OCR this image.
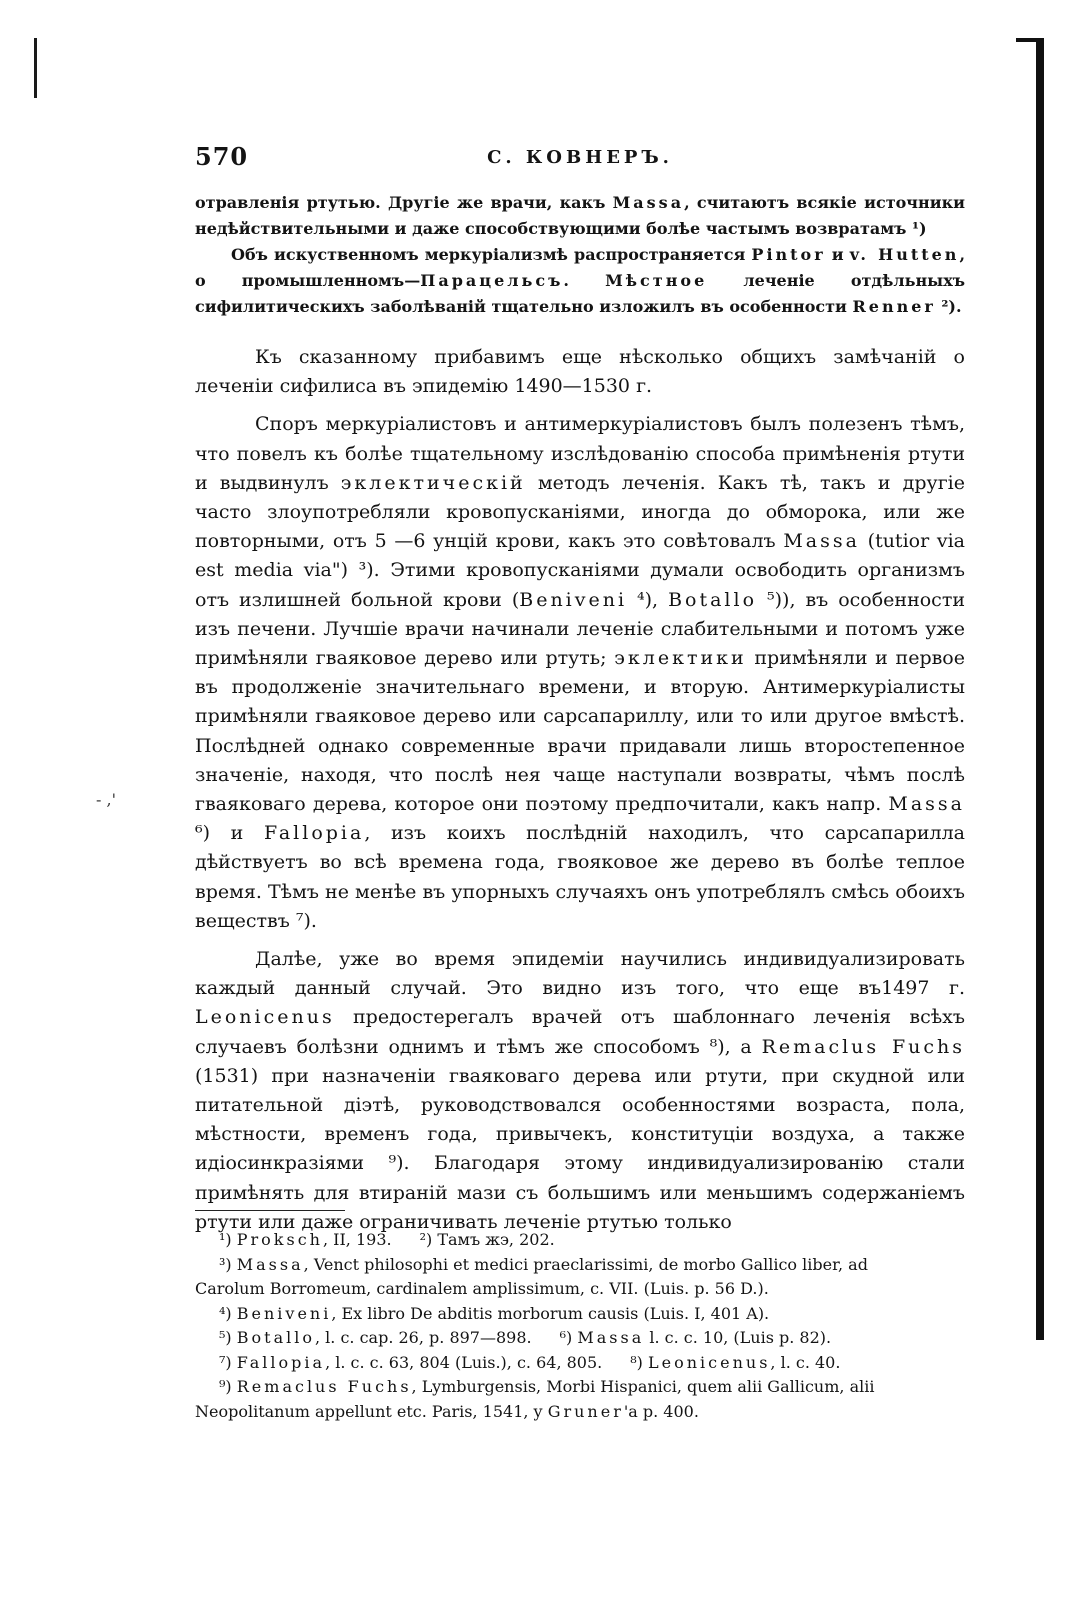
570	С. КОВНЕРЪ.

отравленія ртутью. Другіе же врачи, какъ Massa, считаютъ всякіе источники недѣйствительными и даже способствующими болѣе частымъ возвратамъ ¹)

Объ искуственномъ меркуріализмѣ распространяется Pintor и v. Hutten, о промышленномъ—Парацельсъ. Мѣстное леченіе отдѣльныхъ сифилитическихъ заболѣваній тщательно изложилъ въ особенности Renner ²).

Къ сказанному прибавимъ еще нѣсколько общихъ замѣчаній о леченіи сифилиса въ эпидемію 1490—1530 г.

Споръ меркуріалистовъ и антимеркуріалистовъ былъ полезенъ тѣмъ, что повелъ къ болѣе тщательному изслѣдованію способа примѣненія ртути и выдвинулъ эклектическій методъ леченія. Какъ тѣ, такъ и другіе часто злоупотребляли кровопусканіями, иногда до обморока, или же повторными, отъ 5 —6 унцій крови, какъ это совѣтовалъ Massa (tutior via est media via") ³). Этими кровопусканіями думали освободить организмъ отъ излишней больной крови (Beniveni ⁴), Botallo ⁵)), въ особенности изъ печени. Лучшіе врачи начинали леченіе слабительными и потомъ уже примѣняли гваяковое дерево или ртуть; эклектики примѣняли и первое въ продолженіе значительнаго времени, и вторую. Антимеркуріалисты примѣняли гваяковое дерево или сарсапариллу, или то или другое вмѣстѣ. Послѣдней однако современные врачи придавали лишь второстепенное значеніе, находя, что послѣ нея чаще наступали возвраты, чѣмъ послѣ гваяковаго дерева, которое они поэтому предпочитали, какъ напр. Massa ⁶) и Fallopia, изъ коихъ послѣдній находилъ, что сарсапарилла дѣйствуетъ во всѣ времена года, гвояковое же дерево въ болѣе теплое время. Тѣмъ не менѣе въ упорныхъ случаяхъ онъ употреблялъ смѣсь обоихъ веществъ ⁷).

Далѣе, уже во время эпидеміи научились индивидуализировать каждый данный случай. Это видно изъ того, что еще въ1497 г. Leonicenus предостерегалъ врачей отъ шаблоннаго леченія всѣхъ случаевъ болѣзни однимъ и тѣмъ же способомъ ⁸), а Remaclus Fuchs (1531) при назначеніи гваяковаго дерева или ртути, при скудной или питательной діэтѣ, руководствовался особенностями возраста, пола, мѣстности, временъ года, привычекъ, конституціи воздуха, а также идіосинкразіями ⁹). Благодаря этому индивидуализированію стали примѣнять для втираній мази съ большимъ или меньшимъ содержаніемъ ртути или даже ограничивать леченіе ртутью только

- ,'

¹) Proksch, II, 193. ²) Тамъ жэ, 202.

³) Massa, Venct philosophi et medici praeclarissimi, de morbo Gallico liber, ad

Carolum Borromeum, cardinalem amplissimum, c. VII. (Luis. p. 56 D.).

⁴) Beniveni, Ex libro De abditis morborum causis (Luis. I, 401 A).

⁵) Botallo, l. c. cap. 26, p. 897—898. ⁶) Massa l. c. c. 10, (Luis p. 82).

⁷) Fallopia, l. c. c. 63, 804 (Luis.), c. 64, 805. ⁸) Leonicenus, l. c. 40.

⁹) Remaclus Fuchs, Lymburgensis, Morbi Hispanici, quem alii Gallicum, alii

Neopolitanum appellunt etc. Paris, 1541, y Gruner'a p. 400.
